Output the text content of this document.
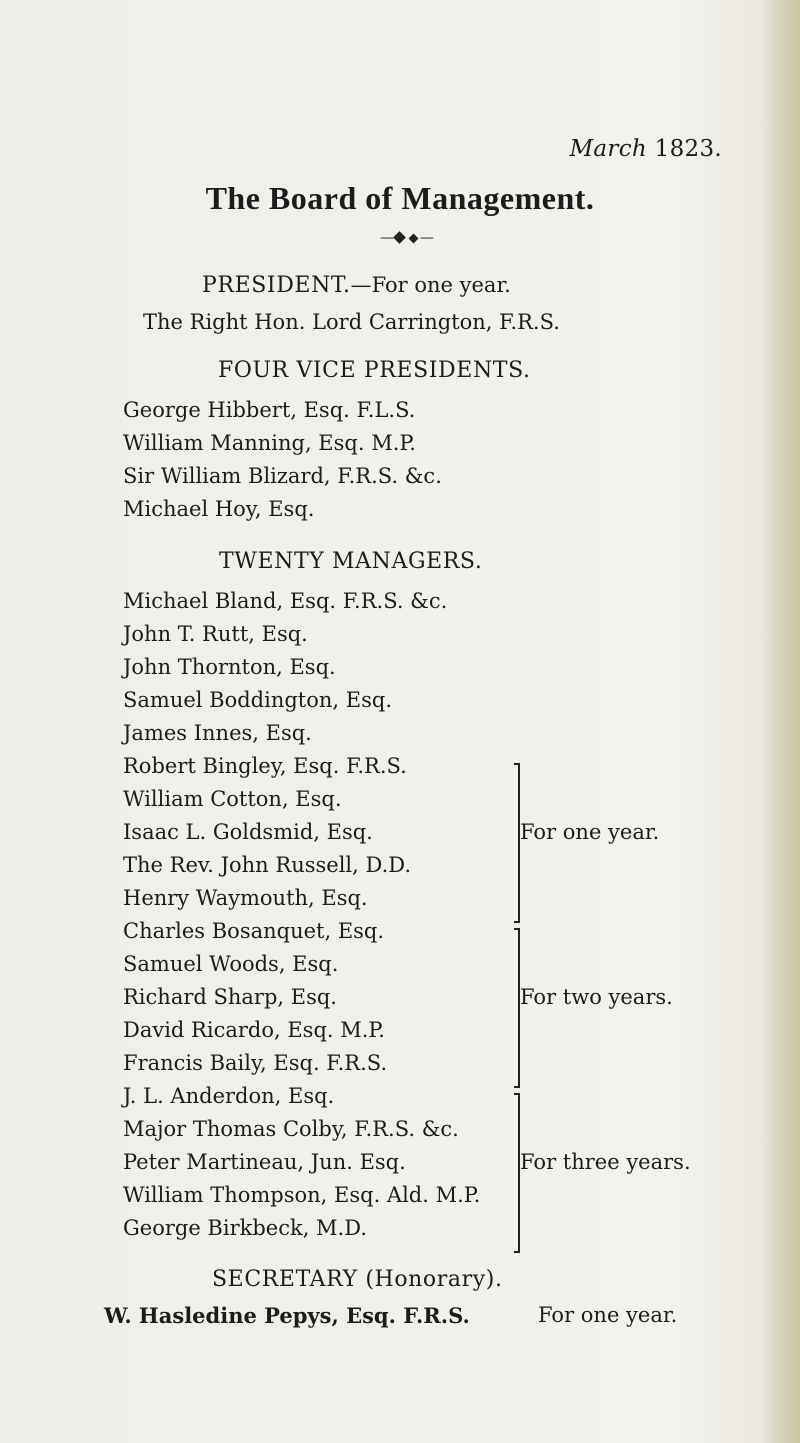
March 1823.
The Board of Management.
— —
PRESIDENT.—For one year.
The Right Hon. Lord Carrington, F.R.S.
FOUR VICE PRESIDENTS.
George Hibbert, Esq. F.L.S.
William Manning, Esq. M.P.
Sir William Blizard, F.R.S. &c.
Michael Hoy, Esq.
TWENTY MANAGERS.
Michael Bland, Esq. F.R.S. &c.
John T. Rutt, Esq.
John Thornton, Esq.
Samuel Boddington, Esq.
James Innes, Esq.
Robert Bingley, Esq. F.R.S.
William Cotton, Esq.
Isaac L. Goldsmid, Esq.
The Rev. John Russell, D.D.
Henry Waymouth, Esq.
Charles Bosanquet, Esq.
Samuel Woods, Esq.
Richard Sharp, Esq.
David Ricardo, Esq. M.P.
Francis Baily, Esq. F.R.S.
J. L. Anderdon, Esq.
Major Thomas Colby, F.R.S. &c.
Peter Martineau, Jun. Esq.
William Thompson, Esq. Ald. M.P.
George Birkbeck, M.D.
For one year.
For two years.
For three years.
SECRETARY (Honorary).
W. Hasledine Pepys, Esq. F.R.S.	For one year.
